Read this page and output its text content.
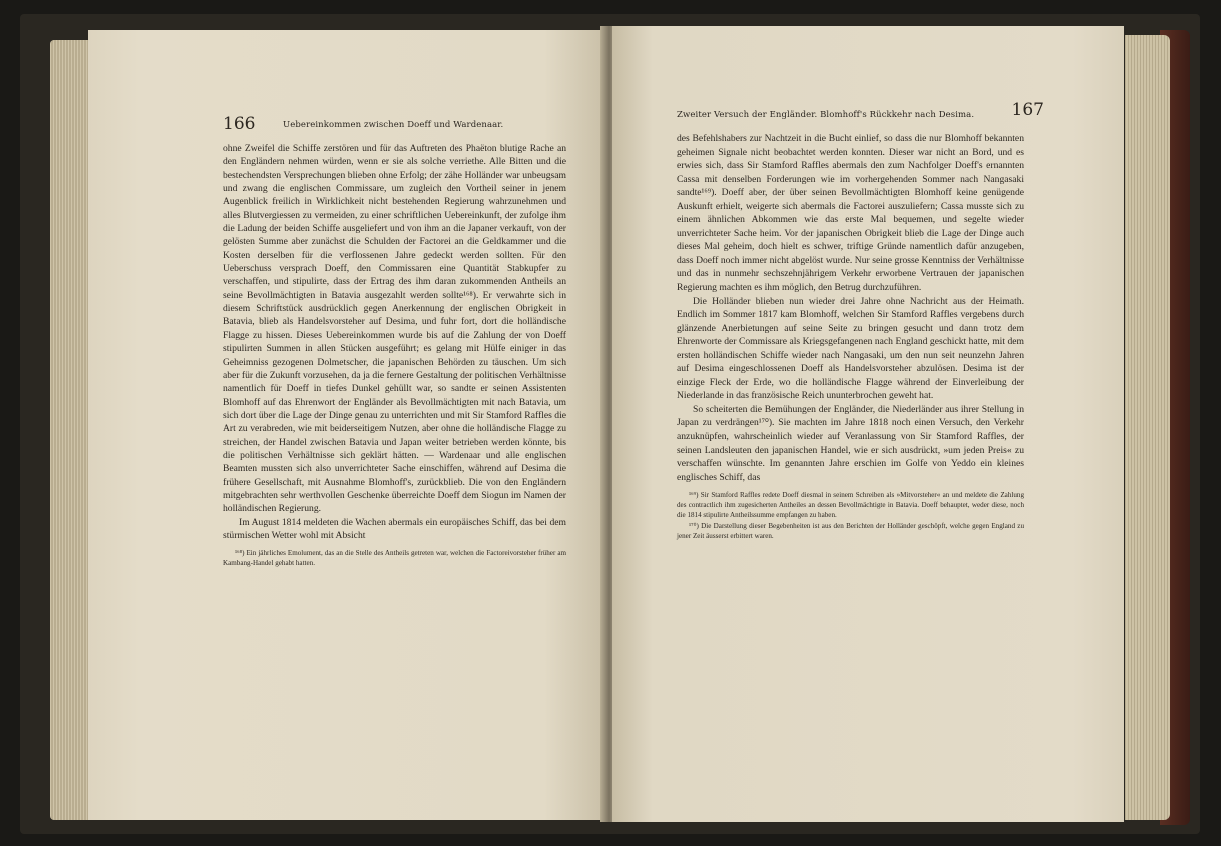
166	Uebereinkommen zwischen Doeff und Wardenaar.

ohne Zweifel die Schiffe zerstören und für das Auftreten des Phaëton blutige Rache an den Engländern nehmen würden, wenn er sie als solche verriethe. Alle Bitten und die bestechendsten Versprechungen blieben ohne Erfolg; der zähe Holländer war unbeugsam und zwang die englischen Commissare, um zugleich den Vortheil seiner in jenem Augenblick freilich in Wirklichkeit nicht bestehenden Regierung wahrzunehmen und alles Blutvergiessen zu vermeiden, zu einer schriftlichen Uebereinkunft, der zufolge ihm die Ladung der beiden Schiffe ausgeliefert und von ihm an die Japaner verkauft, von der gelösten Summe aber zunächst die Schulden der Factorei an die Geldkammer und die Kosten derselben für die verflossenen Jahre gedeckt werden sollten. Für den Ueberschuss versprach Doeff, den Commissaren eine Quantität Stabkupfer zu verschaffen, und stipulirte, dass der Ertrag des ihm daran zukommenden Antheils an seine Bevollmächtigten in Batavia ausgezahlt werden sollte¹⁶⁸). Er verwahrte sich in diesem Schriftstück ausdrücklich gegen Anerkennung der englischen Obrigkeit in Batavia, blieb als Handelsvorsteher auf Desima, und fuhr fort, dort die holländische Flagge zu hissen. Dieses Uebereinkommen wurde bis auf die Zahlung der von Doeff stipulirten Summen in allen Stücken ausgeführt; es gelang mit Hülfe einiger in das Geheimniss gezogenen Dolmetscher, die japanischen Behörden zu täuschen. Um sich aber für die Zukunft vorzusehen, da ja die fernere Gestaltung der politischen Verhältnisse namentlich für Doeff in tiefes Dunkel gehüllt war, so sandte er seinen Assistenten Blomhoff auf das Ehrenwort der Engländer als Bevollmächtigten mit nach Batavia, um sich dort über die Lage der Dinge genau zu unterrichten und mit Sir Stamford Raffles die Art zu verabreden, wie mit beiderseitigem Nutzen, aber ohne die holländische Flagge zu streichen, der Handel zwischen Batavia und Japan weiter betrieben werden könnte, bis die politischen Verhältnisse sich geklärt hätten. — Wardenaar und alle englischen Beamten mussten sich also unverrichteter Sache einschiffen, während auf Desima die frühere Gesellschaft, mit Ausnahme Blomhoff's, zurückblieb. Die von den Engländern mitgebrachten sehr werthvollen Geschenke überreichte Doeff dem Siogun im Namen der holländischen Regierung.

Im August 1814 meldeten die Wachen abermals ein europäisches Schiff, das bei dem stürmischen Wetter wohl mit Absicht

¹⁶⁸) Ein jährliches Emolument, das an die Stelle des Antheils getreten war, welchen die Factoreivorsteher früher am Kambang-Handel gehabt hatten.

Zweiter Versuch der Engländer. Blomhoff's Rückkehr nach Desima. 167

des Befehlshabers zur Nachtzeit in die Bucht einlief, so dass die nur Blomhoff bekannten geheimen Signale nicht beobachtet werden konnten. Dieser war nicht an Bord, und es erwies sich, dass Sir Stamford Raffles abermals den zum Nachfolger Doeff's ernannten Cassa mit denselben Forderungen wie im vorhergehenden Sommer nach Nangasaki sandte¹⁶⁹). Doeff aber, der über seinen Bevollmächtigten Blomhoff keine genügende Auskunft erhielt, weigerte sich abermals die Factorei auszuliefern; Cassa musste sich zu einem ähnlichen Abkommen wie das erste Mal bequemen, und segelte wieder unverrichteter Sache heim. Vor der japanischen Obrigkeit blieb die Lage der Dinge auch dieses Mal geheim, doch hielt es schwer, triftige Gründe namentlich dafür anzugeben, dass Doeff noch immer nicht abgelöst wurde. Nur seine grosse Kenntniss der Verhältnisse und das in nunmehr sechszehnjährigem Verkehr erworbene Vertrauen der japanischen Regierung machten es ihm möglich, den Betrug durchzuführen.

Die Holländer blieben nun wieder drei Jahre ohne Nachricht aus der Heimath. Endlich im Sommer 1817 kam Blomhoff, welchen Sir Stamford Raffles vergebens durch glänzende Anerbietungen auf seine Seite zu bringen gesucht und dann trotz dem Ehrenworte der Commissare als Kriegsgefangenen nach England geschickt hatte, mit dem ersten holländischen Schiffe wieder nach Nangasaki, um den nun seit neunzehn Jahren auf Desima eingeschlossenen Doeff als Handelsvorsteher abzulösen. Desima ist der einzige Fleck der Erde, wo die holländische Flagge während der Einverleibung der Niederlande in das französische Reich ununterbrochen geweht hat.

So scheiterten die Bemühungen der Engländer, die Niederländer aus ihrer Stellung in Japan zu verdrängen¹⁷⁰). Sie machten im Jahre 1818 noch einen Versuch, den Verkehr anzuknüpfen, wahrscheinlich wieder auf Veranlassung von Sir Stamford Raffles, der seinen Landsleuten den japanischen Handel, wie er sich ausdrückt, »um jeden Preis« zu verschaffen wünschte. Im genannten Jahre erschien im Golfe von Yeddo ein kleines englisches Schiff, das

¹⁶⁹) Sir Stamford Raffles redete Doeff diesmal in seinem Schreiben als »Mitvorsteher« an und meldete die Zahlung des contractlich ihm zugesicherten Antheiles an dessen Bevollmächtigte in Batavia. Doeff behauptet, weder diese, noch die 1814 stipulirte Antheilssumme empfangen zu haben.

¹⁷⁰) Die Darstellung dieser Begebenheiten ist aus den Berichten der Holländer geschöpft, welche gegen England zu jener Zeit äusserst erbittert waren.
